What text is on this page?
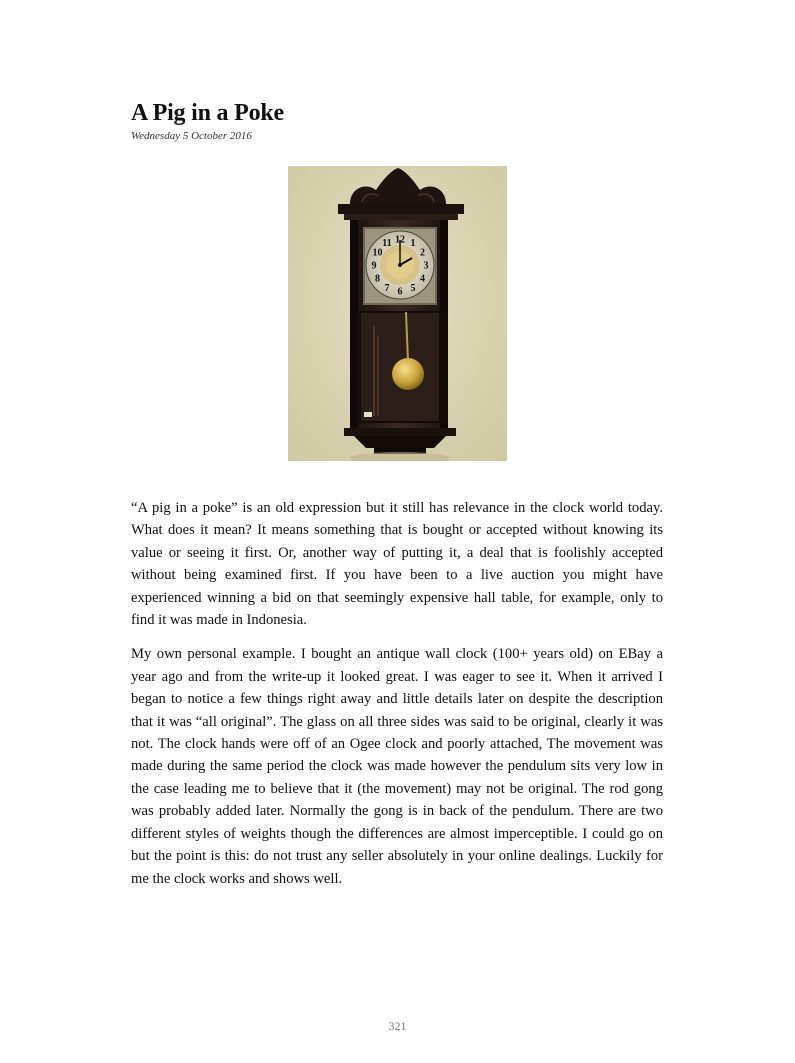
A Pig in a Poke
Wednesday 5 October 2016
12 1
2
3
4
5
6
7
8
9
10
11

“A pig in a poke” is an old expression but it still has relevance in the clock world today. What does it mean? It means something that is bought or accepted without knowing its value or seeing it first. Or, another way of putting it, a deal that is foolishly accepted without being examined first. If you have been to a live auction you might have experienced winning a bid on that seemingly expensive hall table, for example, only to find it was made in Indonesia.

My own personal example. I bought an antique wall clock (100+ years old) on EBay a year ago and from the write-up it looked great. I was eager to see it. When it arrived I began to notice a few things right away and little details later on despite the description that it was “all original”. The glass on all three sides was said to be original, clearly it was not. The clock hands were off of an Ogee clock and poorly attached, The movement was made during the same period the clock was made however the pendulum sits very low in the case leading me to believe that it (the movement) may not be original. The rod gong was probably added later. Normally the gong is in back of the pendulum. There are two different styles of weights though the differences are almost imperceptible. I could go on but the point is this: do not trust any seller absolutely in your online dealings. Luckily for me the clock works and shows well.

321
